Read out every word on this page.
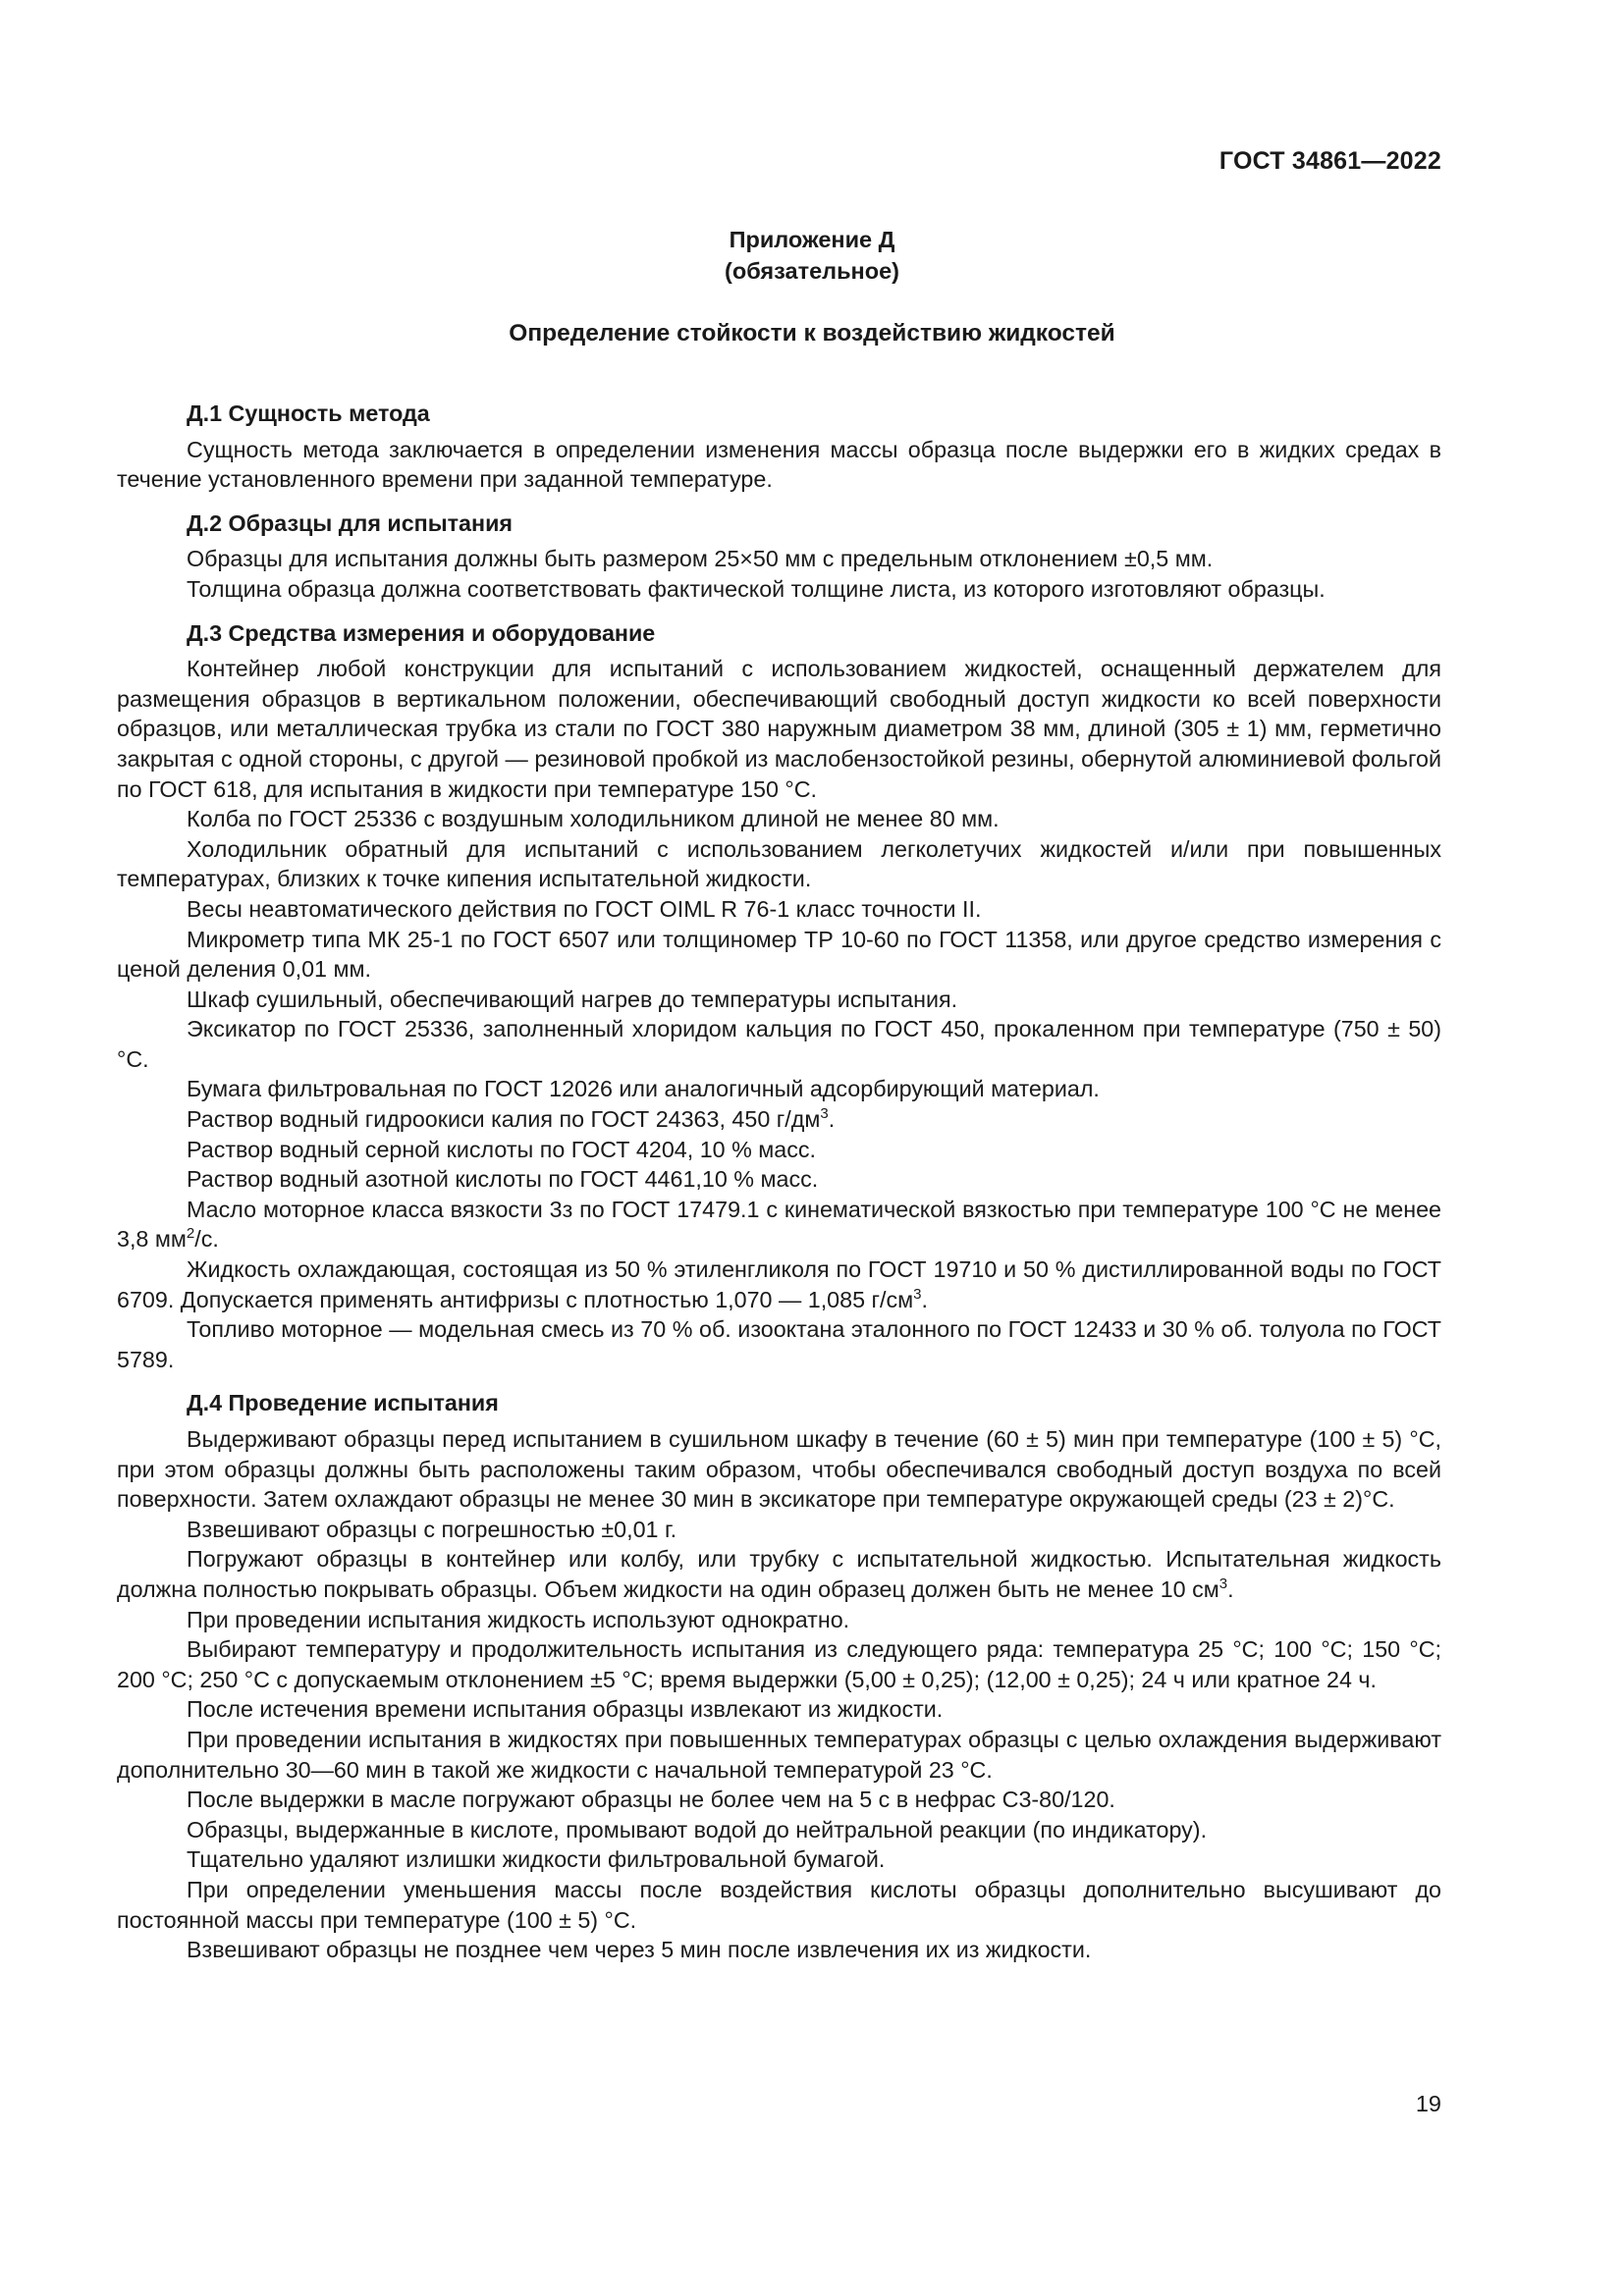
ГОСТ 34861—2022
Приложение Д
(обязательное)
Определение стойкости к воздействию жидкостей
Д.1 Сущность метода

Сущность метода заключается в определении изменения массы образца после выдержки его в жидких средах в течение установленного времени при заданной температуре.

Д.2 Образцы для испытания

Образцы для испытания должны быть размером 25×50 мм с предельным отклонением ±0,5 мм.

Толщина образца должна соответствовать фактической толщине листа, из которого изготовляют образцы.

Д.3 Средства измерения и оборудование

Контейнер любой конструкции для испытаний с использованием жидкостей, оснащенный держателем для размещения образцов в вертикальном положении, обеспечивающий свободный доступ жидкости ко всей поверхности образцов, или металлическая трубка из стали по ГОСТ 380 наружным диаметром 38 мм, длиной (305 ± 1) мм, герметично закрытая с одной стороны, с другой — резиновой пробкой из маслобензостойкой резины, обернутой алюминиевой фольгой по ГОСТ 618, для испытания в жидкости при температуре 150 °С.

Колба по ГОСТ 25336 с воздушным холодильником длиной не менее 80 мм.

Холодильник обратный для испытаний с использованием легколетучих жидкостей и/или при повышенных температурах, близких к точке кипения испытательной жидкости.

Весы неавтоматического действия по ГОСТ OIML R 76-1 класс точности II.

Микрометр типа МК 25-1 по ГОСТ 6507 или толщиномер ТР 10-60 по ГОСТ 11358, или другое средство измерения с ценой деления 0,01 мм.

Шкаф сушильный, обеспечивающий нагрев до температуры испытания.

Эксикатор по ГОСТ 25336, заполненный хлоридом кальция по ГОСТ 450, прокаленном при температуре (750 ± 50) °С.

Бумага фильтровальная по ГОСТ 12026 или аналогичный адсорбирующий материал.

Раствор водный гидроокиси калия по ГОСТ 24363, 450 $г/дм^3$.

Раствор водный серной кислоты по ГОСТ 4204, 10 % масс.

Раствор водный азотной кислоты по ГОСТ 4461,10 % масс.

Масло моторное класса вязкости 3з по ГОСТ 17479.1 с кинематической вязкостью при температуре 100 °С не менее 3,8 $мм^2/с$.

Жидкость охлаждающая, состоящая из 50 % этиленгликоля по ГОСТ 19710 и 50 % дистиллированной воды по ГОСТ 6709. Допускается применять антифризы с плотностью 1,070 — 1,085 $г/см^3$.

Топливо моторное — модельная смесь из 70 % об. изооктана эталонного по ГОСТ 12433 и 30 % об. толуола по ГОСТ 5789.

Д.4 Проведение испытания

Выдерживают образцы перед испытанием в сушильном шкафу в течение (60 ± 5) мин при температуре (100 ± 5) °С, при этом образцы должны быть расположены таким образом, чтобы обеспечивался свободный доступ воздуха по всей поверхности. Затем охлаждают образцы не менее 30 мин в эксикаторе при температуре окружающей среды (23 ± 2)°С.

Взвешивают образцы с погрешностью ±0,01 г.

Погружают образцы в контейнер или колбу, или трубку с испытательной жидкостью. Испытательная жидкость должна полностью покрывать образцы. Объем жидкости на один образец должен быть не менее 10 $см^3$.

При проведении испытания жидкость используют однократно.

Выбирают температуру и продолжительность испытания из следующего ряда: температура 25 °С; 100 °С; 150 °С; 200 °С; 250 °С с допускаемым отклонением ±5 °С; время выдержки (5,00 ± 0,25); (12,00 ± 0,25); 24 ч или кратное 24 ч.

После истечения времени испытания образцы извлекают из жидкости.

При проведении испытания в жидкостях при повышенных температурах образцы с целью охлаждения выдерживают дополнительно 30—60 мин в такой же жидкости с начальной температурой 23 °С.

После выдержки в масле погружают образцы не более чем на 5 с в нефрас С3-80/120.

Образцы, выдержанные в кислоте, промывают водой до нейтральной реакции (по индикатору).

Тщательно удаляют излишки жидкости фильтровальной бумагой.

При определении уменьшения массы после воздействия кислоты образцы дополнительно высушивают до постоянной массы при температуре (100 ± 5) °С.

Взвешивают образцы не позднее чем через 5 мин после извлечения их из жидкости.

19
